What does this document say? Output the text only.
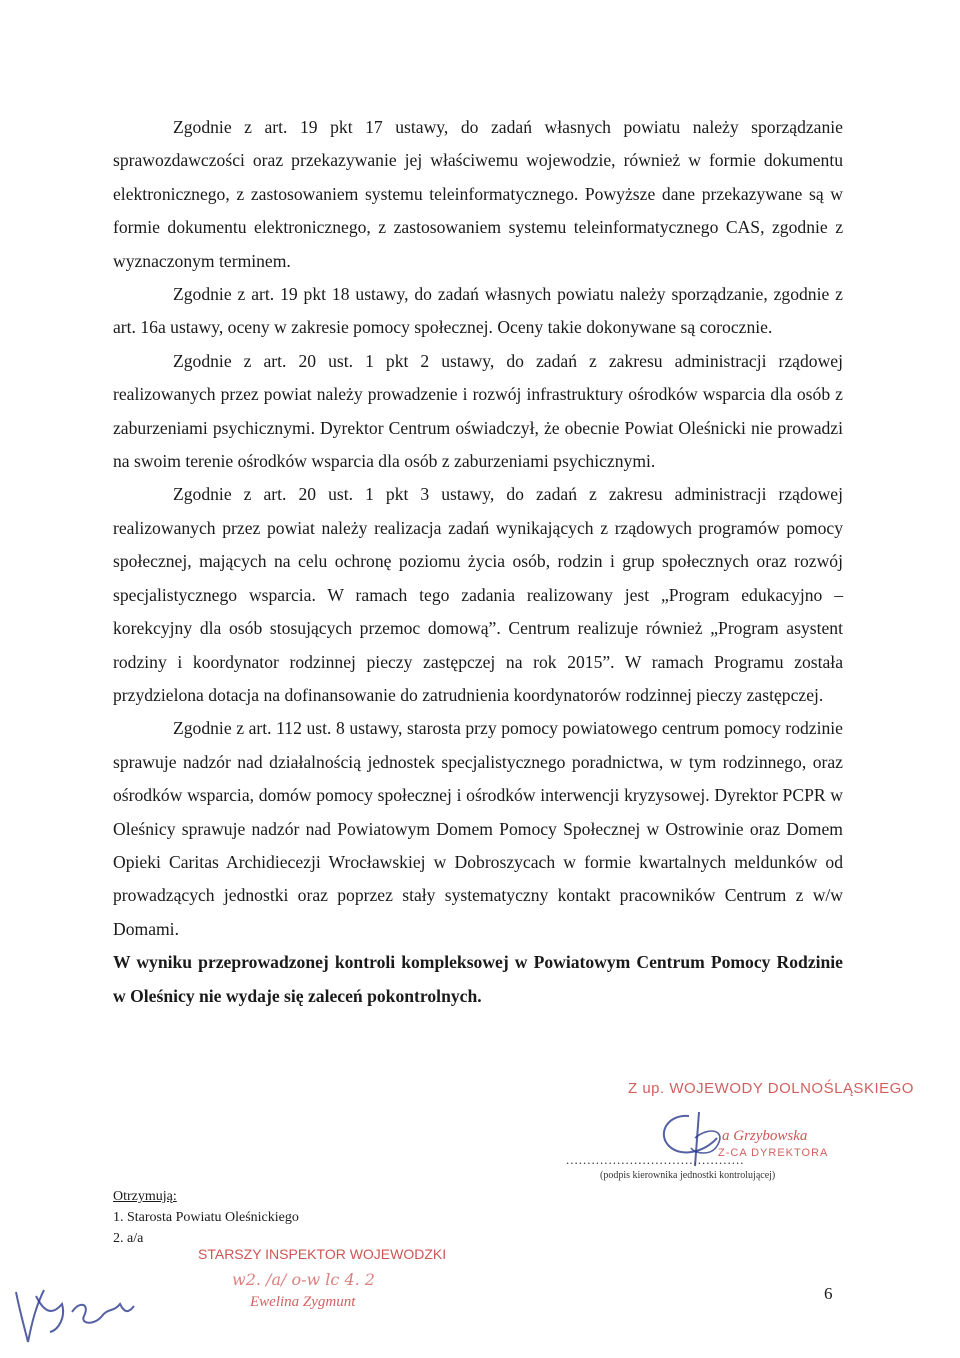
Zgodnie z art. 19 pkt 17 ustawy, do zadań własnych powiatu należy sporządzanie sprawozdawczości oraz przekazywanie jej właściwemu wojewodzie, również w formie dokumentu elektronicznego, z zastosowaniem systemu teleinformatycznego. Powyższe dane przekazywane są w formie dokumentu elektronicznego, z zastosowaniem systemu teleinformatycznego CAS, zgodnie z wyznaczonym terminem.

Zgodnie z art. 19 pkt 18 ustawy, do zadań własnych powiatu należy sporządzanie, zgodnie z art. 16a ustawy, oceny w zakresie pomocy społecznej. Oceny takie dokonywane są corocznie.

Zgodnie z art. 20 ust. 1 pkt 2 ustawy, do zadań z zakresu administracji rządowej realizowanych przez powiat należy prowadzenie i rozwój infrastruktury ośrodków wsparcia dla osób z zaburzeniami psychicznymi. Dyrektor Centrum oświadczył, że obecnie Powiat Oleśnicki nie prowadzi na swoim terenie ośrodków wsparcia dla osób z zaburzeniami psychicznymi.

Zgodnie z art. 20 ust. 1 pkt 3 ustawy, do zadań z zakresu administracji rządowej realizowanych przez powiat należy realizacja zadań wynikających z rządowych programów pomocy społecznej, mających na celu ochronę poziomu życia osób, rodzin i grup społecznych oraz rozwój specjalistycznego wsparcia. W ramach tego zadania realizowany jest „Program edukacyjno – korekcyjny dla osób stosujących przemoc domową”. Centrum realizuje również „Program asystent rodziny i koordynator rodzinnej pieczy zastępczej na rok 2015”. W ramach Programu została przydzielona dotacja na dofinansowanie do zatrudnienia koordynatorów rodzinnej pieczy zastępczej.

Zgodnie z art. 112 ust. 8 ustawy, starosta przy pomocy powiatowego centrum pomocy rodzinie sprawuje nadzór nad działalnością jednostek specjalistycznego poradnictwa, w tym rodzinnego, oraz ośrodków wsparcia, domów pomocy społecznej i ośrodków interwencji kryzysowej. Dyrektor PCPR w Oleśnicy sprawuje nadzór nad Powiatowym Domem Pomocy Społecznej w Ostrowinie oraz Domem Opieki Caritas Archidiecezji Wrocławskiej w Dobroszycach w formie kwartalnych meldunków od prowadzących jednostki oraz poprzez stały systematyczny kontakt pracowników Centrum z w/w Domami.

W wyniku przeprowadzonej kontroli kompleksowej w Powiatowym Centrum Pomocy Rodzinie w Oleśnicy nie wydaje się zaleceń pokontrolnych.

Z up. WOJEWODY DOLNOŚLĄSKIEGO
a Grzybowska
Z-CA DYREKTORA
..........................................
(podpis kierownika jednostki kontrolującej)
Otrzymują:
1. Starosta Powiatu Oleśnickiego
2. a/a
STARSZY INSPEKTOR WOJEWODZKI
w2. /a/ o-w lc 4. 2
Ewelina Zygmunt	6
